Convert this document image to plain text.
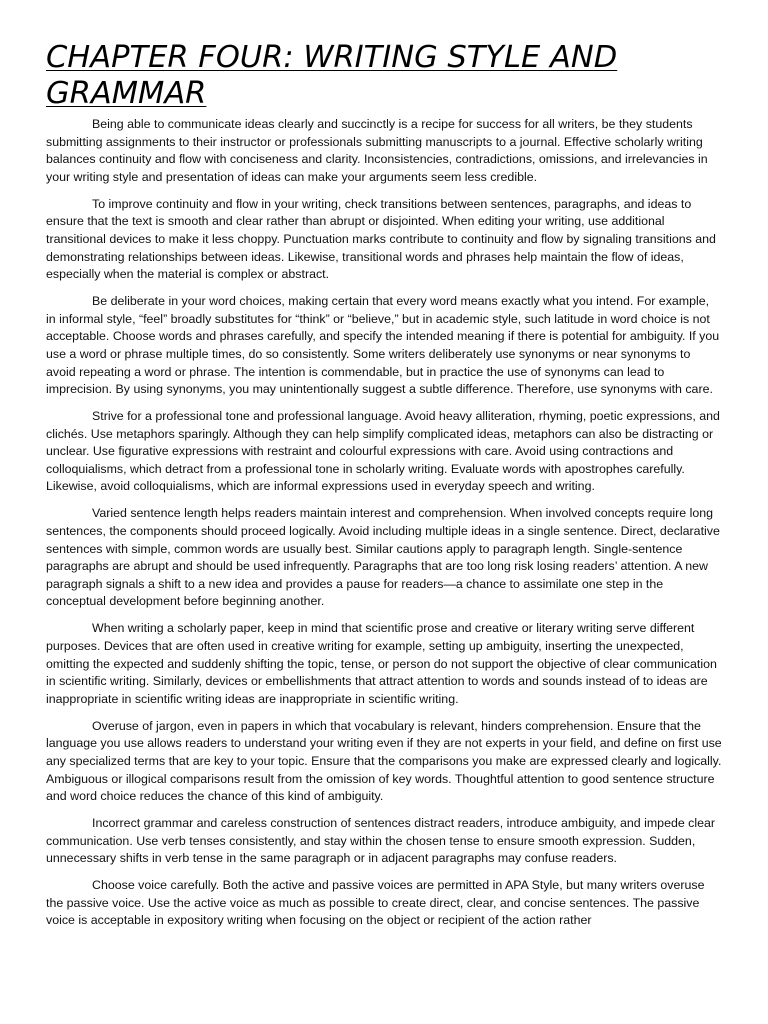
CHAPTER FOUR: WRITING STYLE AND GRAMMAR

Being able to communicate ideas clearly and succinctly is a recipe for success for all writers, be they students submitting assignments to their instructor or professionals submitting manuscripts to a journal. Effective scholarly writing balances continuity and flow with conciseness and clarity. Inconsistencies, contradictions, omissions, and irrelevancies in your writing style and presentation of ideas can make your arguments seem less credible.

To improve continuity and flow in your writing, check transitions between sentences, paragraphs, and ideas to ensure that the text is smooth and clear rather than abrupt or disjointed. When editing your writing, use additional transitional devices to make it less choppy. Punctuation marks contribute to continuity and flow by signaling transitions and demonstrating relationships between ideas. Likewise, transitional words and phrases help maintain the flow of ideas, especially when the material is complex or abstract.

Be deliberate in your word choices, making certain that every word means exactly what you intend. For example, in informal style, “feel” broadly substitutes for “think” or “believe,” but in academic style, such latitude in word choice is not acceptable. Choose words and phrases carefully, and specify the intended meaning if there is potential for ambiguity. If you use a word or phrase multiple times, do so consistently. Some writers deliberately use synonyms or near synonyms to avoid repeating a word or phrase. The intention is commendable, but in practice the use of synonyms can lead to imprecision. By using synonyms, you may unintentionally suggest a subtle difference. Therefore, use synonyms with care.

Strive for a professional tone and professional language. Avoid heavy alliteration, rhyming, poetic expressions, and clichés. Use metaphors sparingly. Although they can help simplify complicated ideas, metaphors can also be distracting or unclear. Use figurative expressions with restraint and colourful expressions with care. Avoid using contractions and colloquialisms, which detract from a professional tone in scholarly writing. Evaluate words with apostrophes carefully. Likewise, avoid colloquialisms, which are informal expressions used in everyday speech and writing.

Varied sentence length helps readers maintain interest and comprehension. When involved concepts require long sentences, the components should proceed logically. Avoid including multiple ideas in a single sentence. Direct, declarative sentences with simple, common words are usually best. Similar cautions apply to paragraph length. Single-sentence paragraphs are abrupt and should be used infrequently. Paragraphs that are too long risk losing readers’ attention. A new paragraph signals a shift to a new idea and provides a pause for readers—a chance to assimilate one step in the conceptual development before beginning another.

When writing a scholarly paper, keep in mind that scientific prose and creative or literary writing serve different purposes. Devices that are often used in creative writing for example, setting up ambiguity, inserting the unexpected, omitting the expected and suddenly shifting the topic, tense, or person do not support the objective of clear communication in scientific writing. Similarly, devices or embellishments that attract attention to words and sounds instead of to ideas are inappropriate in scientific writing ideas are inappropriate in scientific writing.

Overuse of jargon, even in papers in which that vocabulary is relevant, hinders comprehension. Ensure that the language you use allows readers to understand your writing even if they are not experts in your field, and define on first use any specialized terms that are key to your topic. Ensure that the comparisons you make are expressed clearly and logically. Ambiguous or illogical comparisons result from the omission of key words. Thoughtful attention to good sentence structure and word choice reduces the chance of this kind of ambiguity.

Incorrect grammar and careless construction of sentences distract readers, introduce ambiguity, and impede clear communication. Use verb tenses consistently, and stay within the chosen tense to ensure smooth expression. Sudden, unnecessary shifts in verb tense in the same paragraph or in adjacent paragraphs may confuse readers.

Choose voice carefully. Both the active and passive voices are permitted in APA Style, but many writers overuse the passive voice. Use the active voice as much as possible to create direct, clear, and concise sentences. The passive voice is acceptable in expository writing when focusing on the object or recipient of the action rather
